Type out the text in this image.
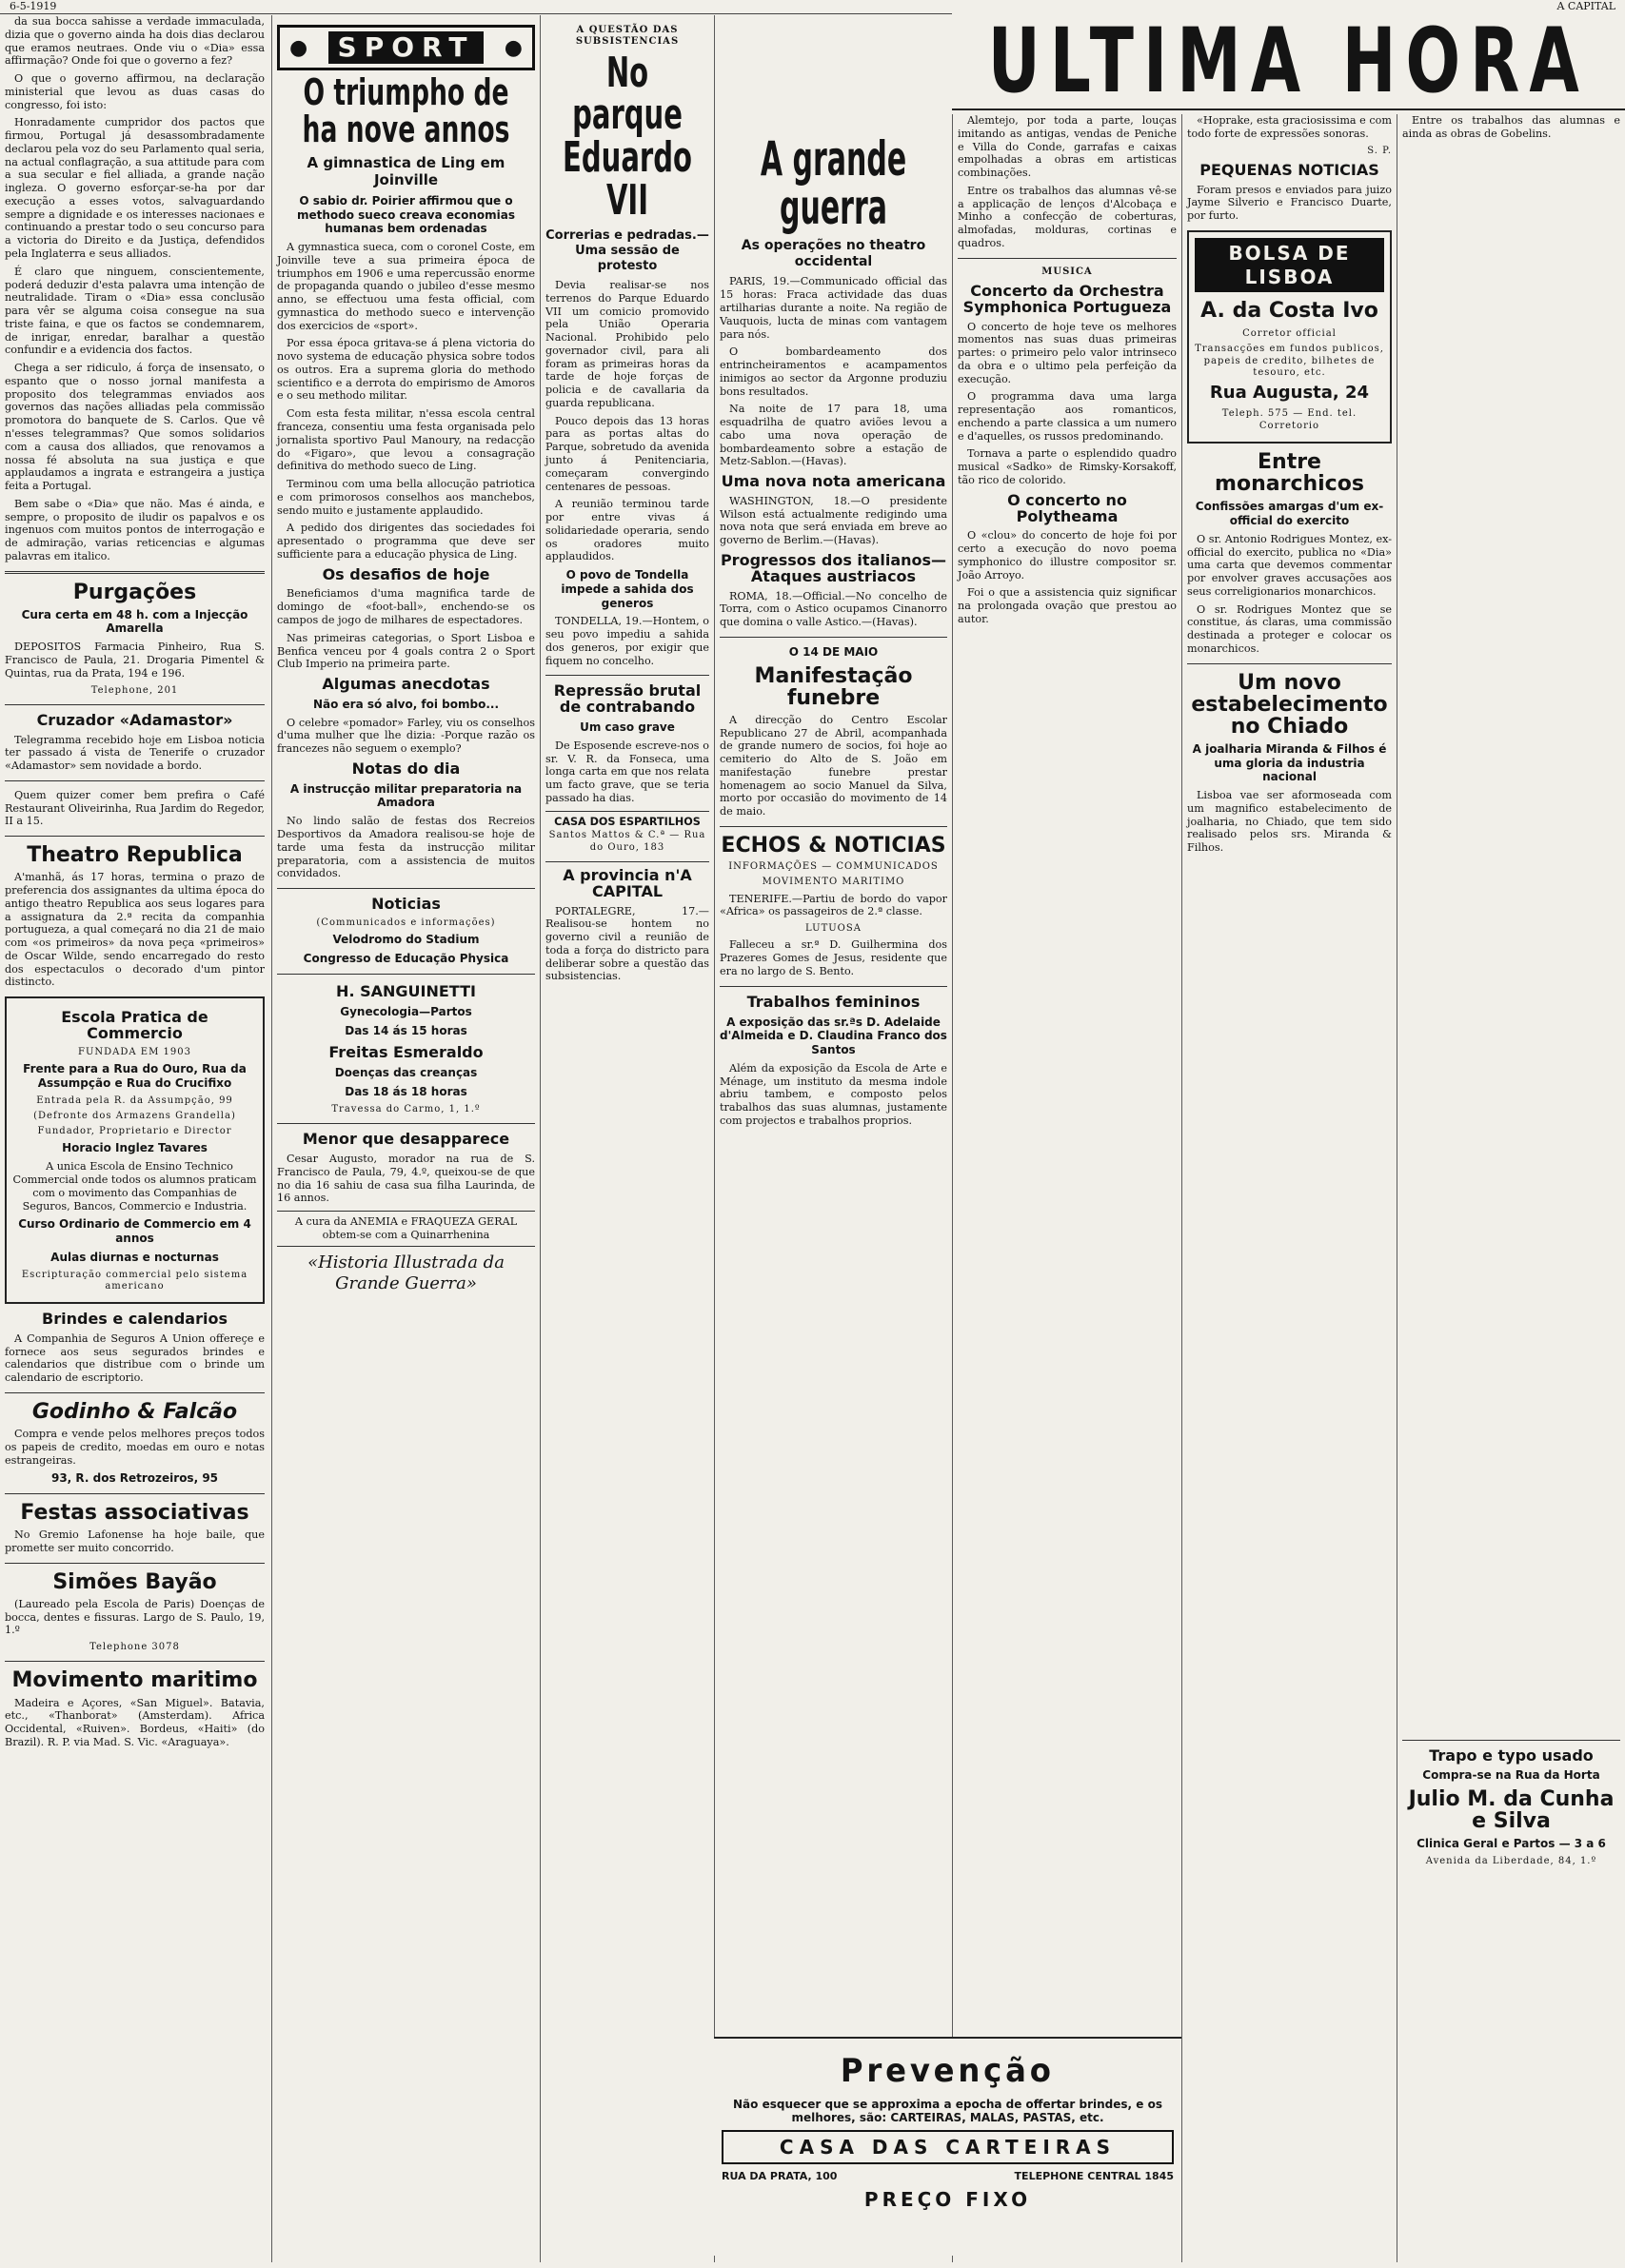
6-5-1919	A CAPITAL

da sua bocca sahisse a verdade immaculada, dizia que o governo ainda ha dois dias declarou que eramos neutraes. Onde viu o «Dia» essa affirmação? Onde foi que o governo a fez?

O que o governo affirmou, na declaração ministerial que levou as duas casas do congresso, foi isto:

Honradamente cumpridor dos pactos que firmou, Portugal já desassombradamente declarou pela voz do seu Parlamento qual seria, na actual conflagração, a sua attitude para com a sua secular e fiel alliada, a grande nação ingleza. O governo esforçar-se-ha por dar execução a esses votos, salvaguardando sempre a dignidade e os interesses nacionaes e continuando a prestar todo o seu concurso para a victoria do Direito e da Justiça, defendidos pela Inglaterra e seus alliados.

É claro que ninguem, conscientemente, poderá deduzir d'esta palavra uma intenção de neutralidade. Tiram o «Dia» essa conclusão para vêr se alguma coisa consegue na sua triste faina, e que os factos se condemnarem, de inrigar, enredar, baralhar a questão confundir e a evidencia dos factos.

Chega a ser ridiculo, á força de insensato, o espanto que o nosso jornal manifesta a proposito dos telegrammas enviados aos governos das nações alliadas pela commissão promotora do banquete de S. Carlos. Que vê n'esses telegrammas? Que somos solidarios com a causa dos alliados, que renovamos a nossa fé absoluta na sua justiça e que applaudamos a ingrata e estrangeira a justiça feita a Portugal.

Bem sabe o «Dia» que não. Mas é ainda, e sempre, o proposito de iludir os papalvos e os ingenuos com muitos pontos de interrogação e de admiração, varias reticencias e algumas palavras em italico.

Purgações
Cura certa em 48 h. com a Injecção Amarella

DEPOSITOS Farmacia Pinheiro, Rua S. Francisco de Paula, 21. Drogaria Pimentel & Quintas, rua da Prata, 194 e 196.

Telephone, 201
Cruzador «Adamastor»

Telegramma recebido hoje em Lisboa noticia ter passado á vista de Tenerife o cruzador «Adamastor» sem novidade a bordo.

Quem quizer comer bem prefira o Café Restaurant Oliveirinha, Rua Jardim do Regedor, II a 15.

Theatro Republica

A'manhã, ás 17 horas, termina o prazo de preferencia dos assignantes da ultima época do antigo theatro Republica aos seus logares para a assignatura da 2.ª recita da companhia portugueza, a qual começará no dia 21 de maio com «os primeiros» da nova peça «primeiros» de Oscar Wilde, sendo encarregado do resto dos espectaculos o decorado d'um pintor distincto.

Escola Pratica de Commercio
FUNDADA EM 1903
Frente para a Rua do Ouro, Rua da Assumpção e Rua do Crucifixo
Entrada pela R. da Assumpção, 99
(Defronte dos Armazens Grandella)
Fundador, Proprietario e Director
Horacio Inglez Tavares

A unica Escola de Ensino Technico Commercial onde todos os alumnos praticam com o movimento das Companhias de Seguros, Bancos, Commercio e Industria.

Curso Ordinario de Commercio em 4 annos
Aulas diurnas e nocturnas
Escripturação commercial pelo sistema americano
Brindes e calendarios

A Companhia de Seguros A Union offereçe e fornece aos seus segurados brindes e calendarios que distribue com o brinde um calendario de escriptorio.

Godinho & Falcão

Compra e vende pelos melhores preços todos os papeis de credito, moedas em ouro e notas estrangeiras.

93, R. dos Retrozeiros, 95
Festas associativas

No Gremio Lafonense ha hoje baile, que promette ser muito concorrido.

Simões Bayão

(Laureado pela Escola de Paris) Doenças de bocca, dentes e fissuras. Largo de S. Paulo, 19, 1.º

Telephone 3078
Movimento maritimo

Madeira e Açores, «San Miguel». Batavia, etc., «Thanborat» (Amsterdam). Africa Occidental, «Ruiven». Bordeus, «Haiti» (do Brazil). R. P. via Mad. S. Vic. «Araguaya».

●	SPORT	●
O triumpho de ha nove annos
A gimnastica de Ling em Joinville
O sabio dr. Poirier affirmou que o methodo sueco creava economias humanas bem ordenadas

A gymnastica sueca, com o coronel Coste, em Joinville teve a sua primeira época de triumphos em 1906 e uma repercussão enorme de propaganda quando o jubileo d'esse mesmo anno, se effectuou uma festa official, com gymnastica do methodo sueco e intervenção dos exercicios de «sport».

Por essa época gritava-se á plena victoria do novo systema de educação physica sobre todos os outros. Era a suprema gloria do methodo scientifico e a derrota do empirismo de Amoros e o seu methodo militar.

Com esta festa militar, n'essa escola central franceza, consentiu uma festa organisada pelo jornalista sportivo Paul Manoury, na redacção do «Figaro», que levou a consagração definitiva do methodo sueco de Ling.

Terminou com uma bella allocução patriotica e com primorosos conselhos aos manchebos, sendo muito e justamente applaudido.

A pedido dos dirigentes das sociedades foi apresentado o programma que deve ser sufficiente para a educação physica de Ling.

Os desafios de hoje

Beneficiamos d'uma magnifica tarde de domingo de «foot-ball», enchendo-se os campos de jogo de milhares de espectadores.

Nas primeiras categorias, o Sport Lisboa e Benfica venceu por 4 goals contra 2 o Sport Club Imperio na primeira parte.

Algumas anecdotas
Não era só alvo, foi bombo...

O celebre «pomador» Farley, viu os conselhos d'uma mulher que lhe dizia: -Porque razão os francezes não seguem o exemplo?

Notas do dia
A instrucção militar preparatoria na Amadora

No lindo salão de festas dos Recreios Desportivos da Amadora realisou-se hoje de tarde uma festa da instrucção militar preparatoria, com a assistencia de muitos convidados.

Noticias
(Communicados e informações)
Velodromo do Stadium
Congresso de Educação Physica
H. SANGUINETTI
Gynecologia—Partos
Das 14 ás 15 horas
Freitas Esmeraldo
Doenças das creanças
Das 18 ás 18 horas
Travessa do Carmo, 1, 1.º
Menor que desapparece

Cesar Augusto, morador na rua de S. Francisco de Paula, 79, 4.º, queixou-se de que no dia 16 sahiu de casa sua filha Laurinda, de 16 annos.

A cura da ANEMIA e FRAQUEZA GERAL obtem-se com a Quinarrhenina
«Historia Illustrada da Grande Guerra»
A QUESTÃO DAS SUBSISTENCIAS
No parque Eduardo VII
Correrias e pedradas.—Uma sessão de protesto

Devia realisar-se nos terrenos do Parque Eduardo VII um comicio promovido pela União Operaria Nacional. Prohibido pelo governador civil, para ali foram as primeiras horas da tarde de hoje forças de policia e de cavallaria da guarda republicana.

Pouco depois das 13 horas para as portas altas do Parque, sobretudo da avenida junto á Penitenciaria, começaram convergindo centenares de pessoas.

A reunião terminou tarde por entre vivas á solidariedade operaria, sendo os oradores muito applaudidos.

O povo de Tondella impede a sahida dos generos

TONDELLA, 19.—Hontem, o seu povo impediu a sahida dos generos, por exigir que fiquem no concelho.

Repressão brutal de contrabando
Um caso grave

De Esposende escreve-nos o sr. V. R. da Fonseca, uma longa carta em que nos relata um facto grave, que se teria passado ha dias.

CASA DOS ESPARTILHOS
Santos Mattos & C.ª — Rua do Ouro, 183
A provincia n'A CAPITAL

PORTALEGRE, 17.—Realisou-se hontem no governo civil a reunião de toda a força do districto para deliberar sobre a questão das subsistencias.

A grande guerra
As operações no theatro occidental

PARIS, 19.—Communicado official das 15 horas: Fraca actividade das duas artilharias durante a noite. Na região de Vauquois, lucta de minas com vantagem para nós.

O bombardeamento dos entrincheiramentos e acampamentos inimigos ao sector da Argonne produziu bons resultados.

Na noite de 17 para 18, uma esquadrilha de quatro aviões levou a cabo uma nova operação de bombardeamento sobre a estação de Metz-Sablon.—(Havas).

Uma nova nota americana

WASHINGTON, 18.—O presidente Wilson está actualmente redigindo uma nova nota que será enviada em breve ao governo de Berlim.—(Havas).

Progressos dos italianos—Ataques austriacos

ROMA, 18.—Official.—No concelho de Torra, com o Astico ocupamos Cinanorro que domina o valle Astico.—(Havas).

O 14 DE MAIO
Manifestação funebre

A direcção do Centro Escolar Republicano 27 de Abril, acompanhada de grande numero de socios, foi hoje ao cemiterio do Alto de S. João em manifestação funebre prestar homenagem ao socio Manuel da Silva, morto por occasião do movimento de 14 de maio.

ECHOS & NOTICIAS
INFORMAÇÕES — COMMUNICADOS
MOVIMENTO MARITIMO

TENERIFE.—Partiu de bordo do vapor «Africa» os passageiros de 2.ª classe.

LUTUOSA

Falleceu a sr.ª D. Guilhermina dos Prazeres Gomes de Jesus, residente que era no largo de S. Bento.

Trabalhos femininos
A exposição das sr.ªs D. Adelaide d'Almeida e D. Claudina Franco dos Santos

Além da exposição da Escola de Arte e Ménage, um instituto da mesma indole abriu tambem, e composto pelos trabalhos das suas alumnas, justamente com projectos e trabalhos proprios.

Alemtejo, por toda a parte, louças imitando as antigas, vendas de Peniche e Villa do Conde, garrafas e caixas empolhadas a obras em artisticas combinações.

Entre os trabalhos das alumnas vê-se a applicação de lenços d'Alcobaça e Minho a confecção de coberturas, almofadas, molduras, cortinas e quadros.

MUSICA
Concerto da Orchestra Symphonica Portugueza

O concerto de hoje teve os melhores momentos nas suas duas primeiras partes: o primeiro pelo valor intrinseco da obra e o ultimo pela perfeição da execução.

O programma dava uma larga representação aos romanticos, enchendo a parte classica a um numero e d'aquelles, os russos predominando.

Tornava a parte o esplendido quadro musical «Sadko» de Rimsky-Korsakoff, tão rico de colorido.

O concerto no Polytheama

O «clou» do concerto de hoje foi por certo a execução do novo poema symphonico do illustre compositor sr. João Arroyo.

Foi o que a assistencia quiz significar na prolongada ovação que prestou ao autor.

«Hoprake, esta graciosissima e com todo forte de expressões sonoras.

S. P.
PEQUENAS NOTICIAS

Foram presos e enviados para juizo Jayme Silverio e Francisco Duarte, por furto.

BOLSA DE LISBOA
A. da Costa Ivo
Corretor official
Transacções em fundos publicos, papeis de credito, bilhetes de tesouro, etc.
Rua Augusta, 24
Teleph. 575 — End. tel. Corretorio
Entre monarchicos
Confissões amargas d'um ex-official do exercito

O sr. Antonio Rodrigues Montez, ex-official do exercito, publica no «Dia» uma carta que devemos commentar por envolver graves accusações aos seus correligionarios monarchicos.

O sr. Rodrigues Montez que se constitue, ás claras, uma commissão destinada a proteger e colocar os monarchicos.

Um novo estabelecimento no Chiado
A joalharia Miranda & Filhos é uma gloria da industria nacional

Lisboa vae ser aformoseada com um magnifico estabelecimento de joalharia, no Chiado, que tem sido realisado pelos srs. Miranda & Filhos.

Entre os trabalhos das alumnas e ainda as obras de Gobelins.

Trapo e typo usado
Compra-se na Rua da Horta
Julio M. da Cunha e Silva
Clinica Geral e Partos — 3 a 6
Avenida da Liberdade, 84, 1.º
ULTIMA HORA
Prevenção
Não esquecer que se approxima a epocha de offertar brindes, e os melhores, são: CARTEIRAS, MALAS, PASTAS, etc.
CASA DAS CARTEIRAS
RUA DA PRATA, 100	TELEPHONE CENTRAL 1845
PREÇO FIXO
